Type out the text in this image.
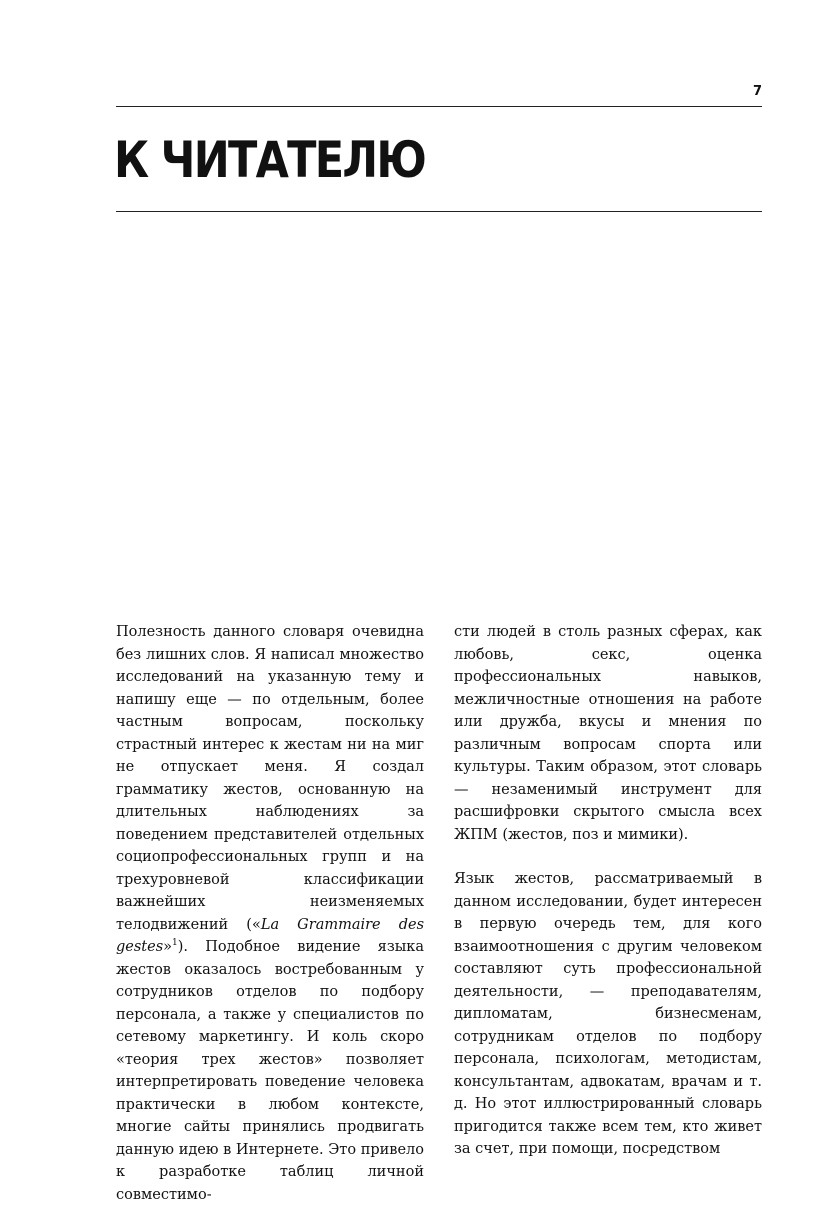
7
К ЧИТАТЕЛЮ

Полезность данного словаря очевидна без лишних слов. Я написал множество исследований на указанную тему и напишу еще — по отдельным, более частным вопросам, поскольку страстный интерес к жестам ни на миг не отпускает меня. Я создал грамматику жестов, основанную на длительных наблюдениях за поведением представителей отдельных социопрофессиональных групп и на трехуровневой классификации важнейших неизменяемых телодвижений («La Grammaire des gestes»$^1$). Подобное видение языка жестов оказалось востребованным у сотрудников отделов по подбору персонала, а также у специалистов по сетевому маркетингу. И коль скоро «теория трех жестов» позволяет интерпретировать поведение человека практически в любом контексте, многие сайты принялись продвигать данную идею в Интернете. Это привело к разработке таблиц личной совместимо-

сти людей в столь разных сферах, как любовь, секс, оценка профессиональных навыков, межличностные отношения на работе или дружба, вкусы и мнения по различным вопросам спорта или культуры. Таким образом, этот словарь — незаменимый инструмент для расшифровки скрытого смысла всех ЖПМ (жестов, поз и мимики).

Язык жестов, рассматриваемый в данном исследовании, будет интересен в первую очередь тем, для кого взаимоотношения с другим человеком составляют суть профессиональной деятельности, — преподавателям, дипломатам, бизнесменам, сотрудникам отделов по подбору персонала, психологам, методистам, консультантам, адвокатам, врачам и т. д. Но этот иллюстрированный словарь пригодится также всем тем, кто живет за счет, при помощи, посредством
